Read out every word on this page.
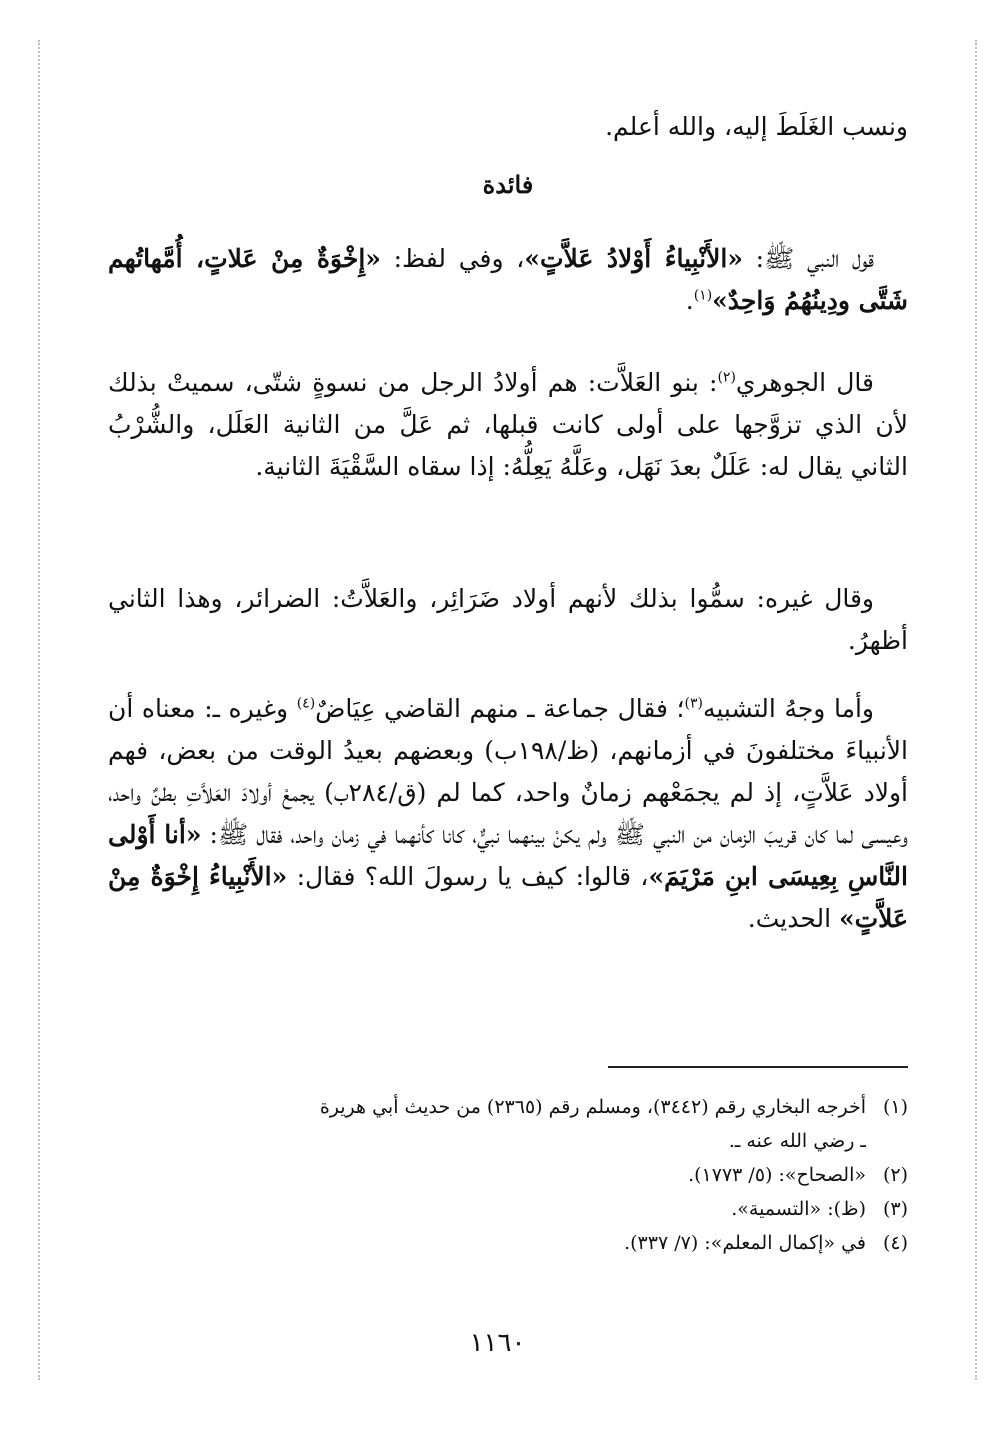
ونسب الغَلَطَ إليه، والله أعلم.

فائدة

قول النبي ﷺ: «الأَنْبِياءُ أَوْلادُ عَلاَّتٍ»، وفي لفظ: «إِخْوَةٌ مِنْ عَلاتٍ، أُمَّهاتُهم شَتَّى ودِينُهُمُ وَاحِدٌ»$^{(١)}$.

قال الجوهري$^{(٢)}$: بنو العَلاَّت: هم أولادُ الرجل من نسوةٍ شتّى، سميتْ بذلك لأن الذي تزوَّجها على أولى كانت قبلها، ثم عَلَّ من الثانية العَلَل، والشُّرْبُ الثاني يقال له: عَلَلٌ بعدَ نَهَل، وعَلَّهُ يَعِلُّهُ: إذا سقاه السَّقْيَةَ الثانية.

وقال غيره: سمُّوا بذلك لأنهم أولاد ضَرَائِر، والعَلاَّتُ: الضرائر، وهذا الثاني أظهرُ.

وأما وجهُ التشبيه$^{(٣)}$؛ فقال جماعة ـ منهم القاضي عِيَاضٌ$^{(٤)}$ وغيره ـ: معناه أن الأنبياءَ مختلفونَ في أزمانهم، (ظ/١٩٨ب) وبعضهم بعيدُ الوقت من بعض، فهم أولاد عَلاَّتٍ، إذ لم يجمَعْهم زمانٌ واحد، كما لم (ق/٢٨٤ب) يجمعْ أولادَ العَلاَّتِ بطنٌ واحد، وعيسى لما كان قريبَ الزمان من النبي ﷺ ولم يكنْ بينهما نبيٌّ، كانا كأنهما في زمان واحد، فقال ﷺ: «أنا أَوْلى النَّاسِ بِعِيسَى ابنِ مَرْيَمَ»، قالوا: كيف يا رسولَ الله؟ فقال: «الأَنْبِياءُ إِخْوَةٌ مِنْ عَلاَّتٍ» الحديث.

(١)أخرجه البخاري رقم (٣٤٤٢)، ومسلم رقم (٢٣٦٥) من حديث أبي هريرة

ـ رضي الله عنه ـ.

(٢)«الصحاح»: (٥/ ١٧٧٣).

(٣)(ظ): «التسمية».

(٤)في «إكمال المعلم»: (٧/ ٣٣٧).

١١٦٠
